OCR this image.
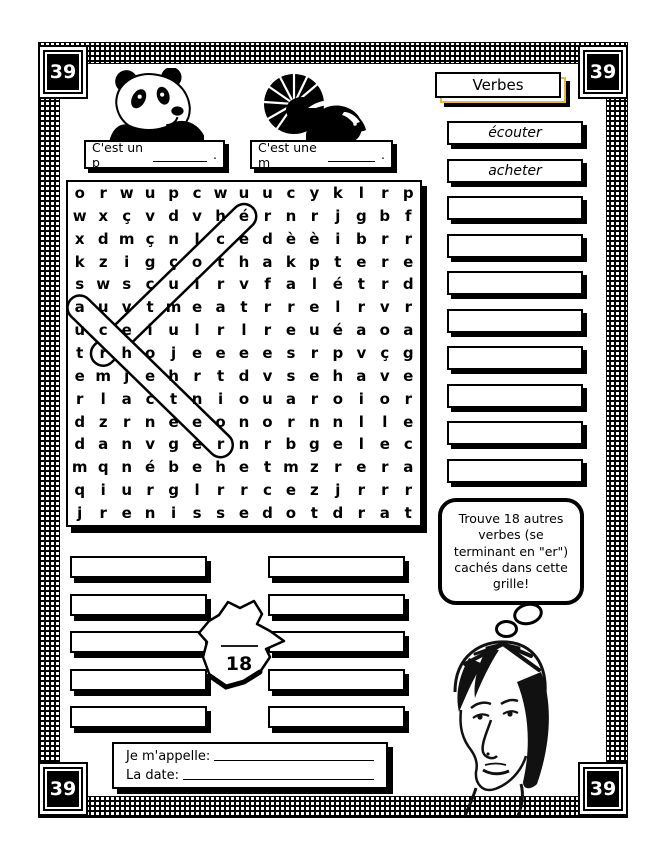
39	39
39	39
C'est un p	.	C'est une m	.
Verbes
écouter
acheter
o r w u p c w u u c y k	l	r p
w x ç v d v h é r n r	j	g b f
x d m ç n	l	c e d è è	i	b r	r
k z	i	g ç o t h a k p t e r e
s w s c u	i	r v	f	a	l	é t	r d
a u v t m e a t	r	r e	l	r v r
u c e	i	u	l	r	l	r e u é a o a
t	r h o	j	e e e e s	r p v ç g
e m j	e h r	t d v s e h a v e
r	l	a c	t n	i	o u a r o	i	o r
d z	r n e e o n o r n n	l	l	e
d a n v g e r n r b g e	l	e c
m q n é b e h e t m z	r e r a
q	i	u r g	l	r	r	c e z	j	r	r	r
j	r e n	i	s s e d o t d r a t
18
Trouve 18 autres verbes (se terminant en "er") cachés dans cette grille!
Je m'appelle:
La date:
